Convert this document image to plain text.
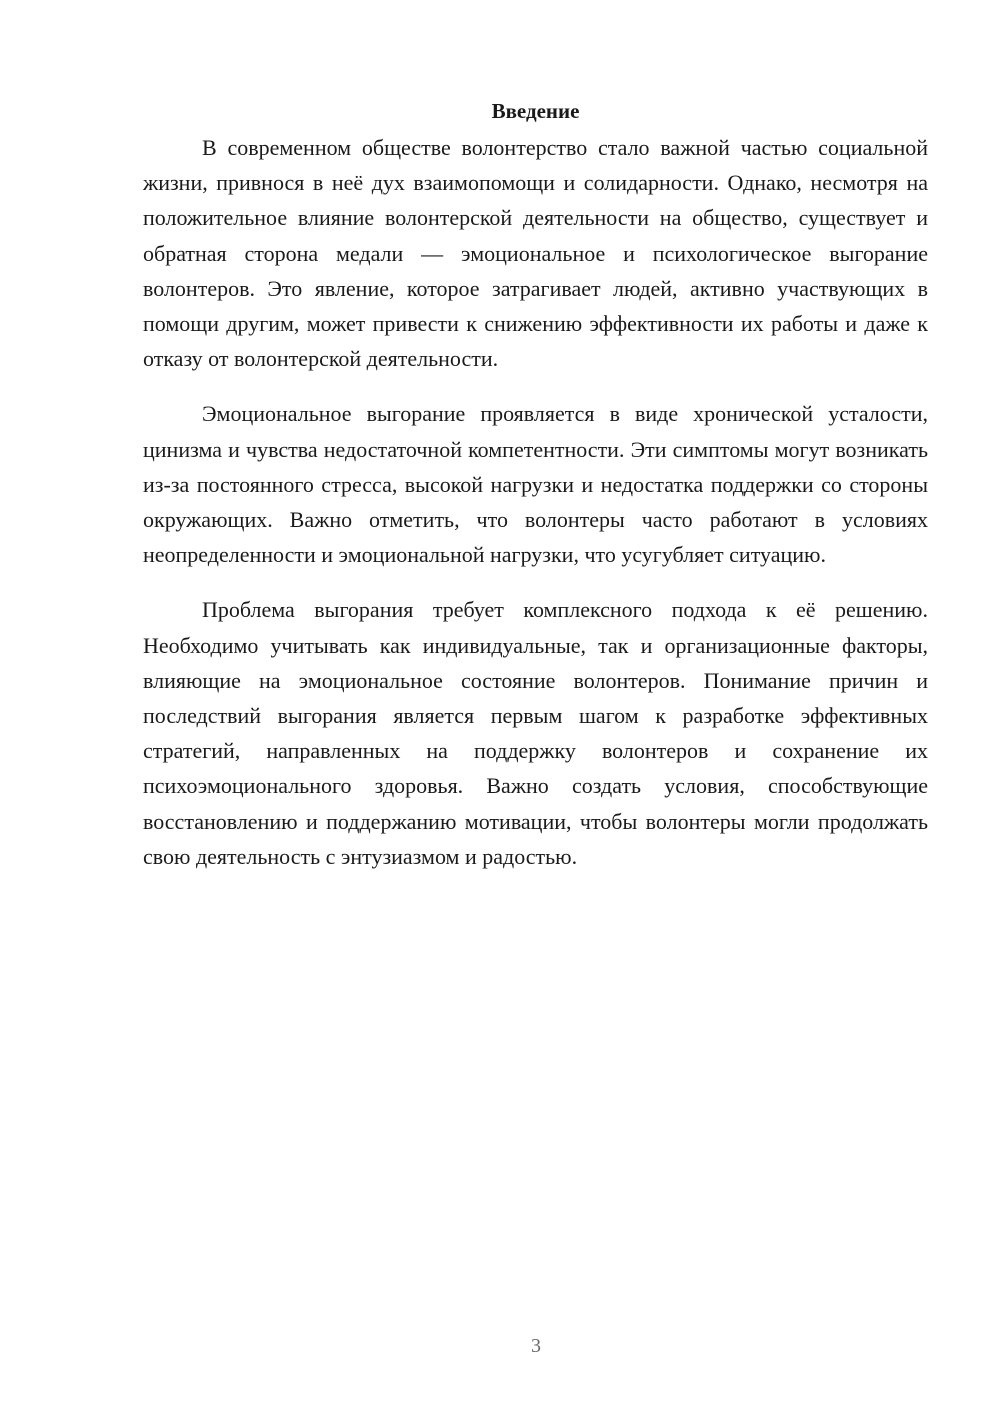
Введение

В современном обществе волонтерство стало важной частью социальной жизни, привнося в неё дух взаимопомощи и солидарности. Однако, несмотря на положительное влияние волонтерской деятельности на общество, существует и обратная сторона медали — эмоциональное и психологическое выгорание волонтеров. Это явление, которое затрагивает людей, активно участвующих в помощи другим, может привести к снижению эффективности их работы и даже к отказу от волонтерской деятельности.

Эмоциональное выгорание проявляется в виде хронической усталости, цинизма и чувства недостаточной компетентности. Эти симптомы могут возникать из-за постоянного стресса, высокой нагрузки и недостатка поддержки со стороны окружающих. Важно отметить, что волонтеры часто работают в условиях неопределенности и эмоциональной нагрузки, что усугубляет ситуацию.

Проблема выгорания требует комплексного подхода к её решению. Необходимо учитывать как индивидуальные, так и организационные факторы, влияющие на эмоциональное состояние волонтеров. Понимание причин и последствий выгорания является первым шагом к разработке эффективных стратегий, направленных на поддержку волонтеров и сохранение их психоэмоционального здоровья. Важно создать условия, способствующие восстановлению и поддержанию мотивации, чтобы волонтеры могли продолжать свою деятельность с энтузиазмом и радостью.

3
